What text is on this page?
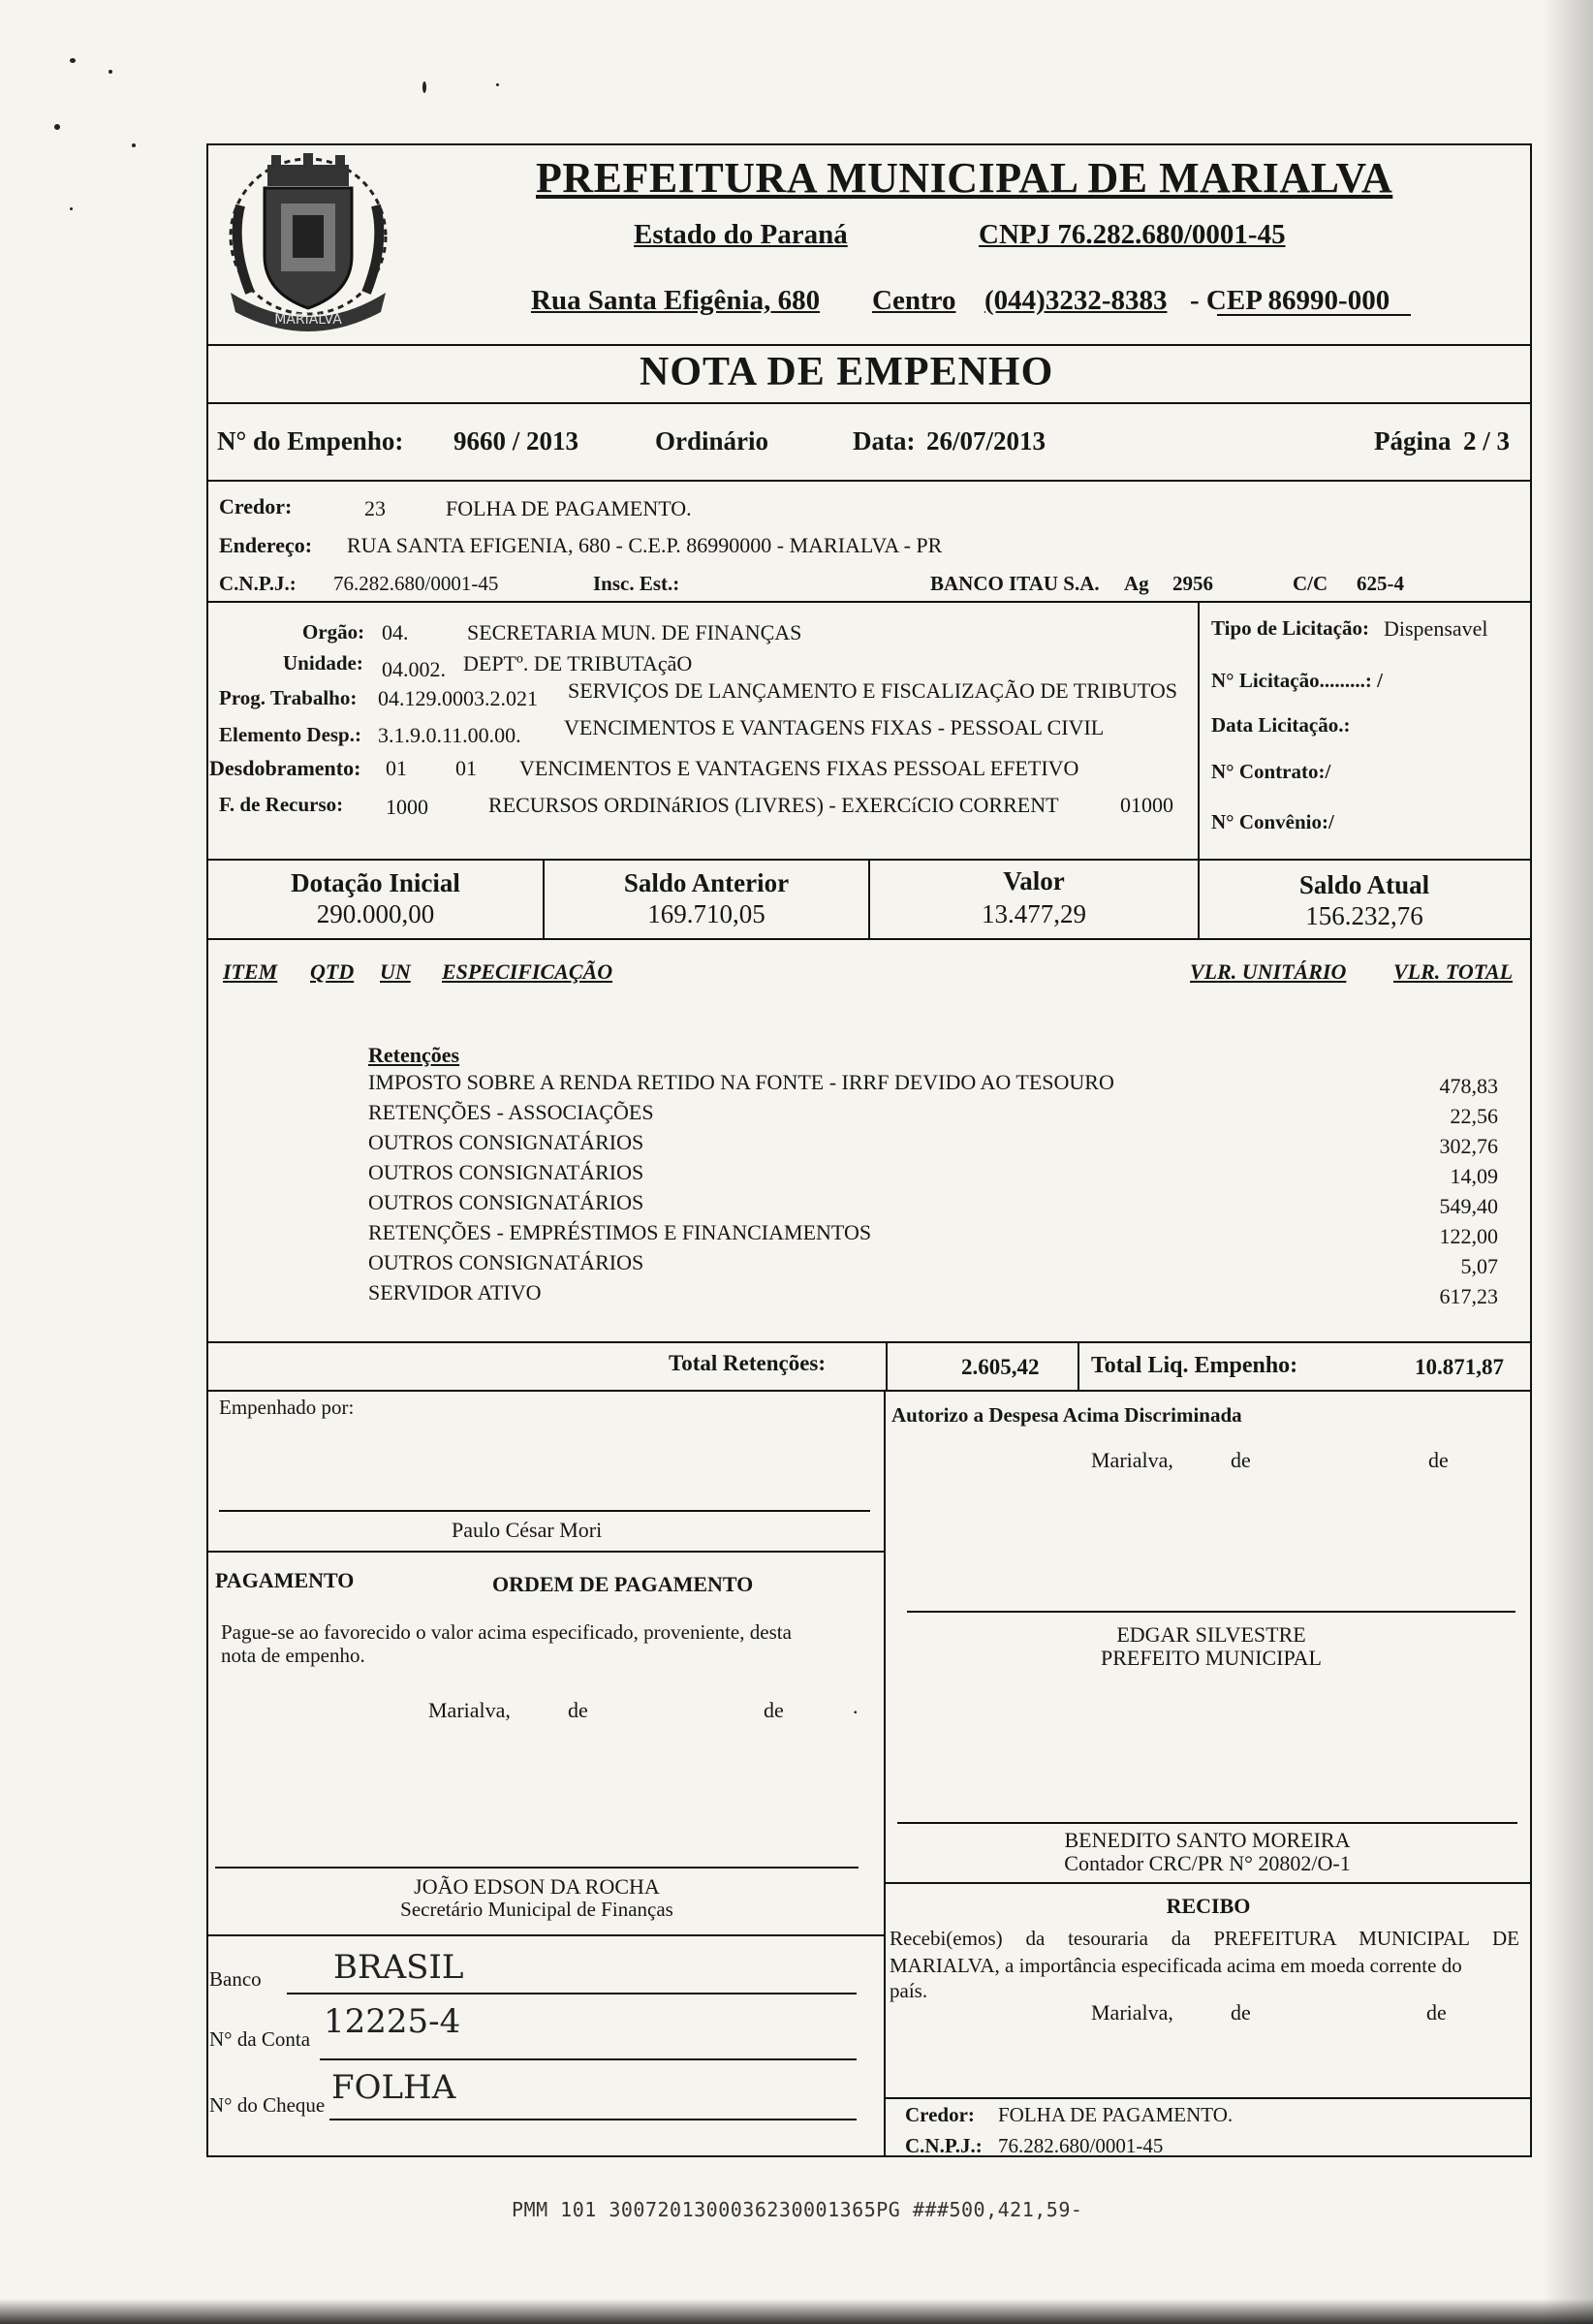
MARIALVA
PREFEITURA MUNICIPAL DE MARIALVA
Estado do Paraná	CNPJ 76.282.680/0001-45
Rua Santa Efigênia, 680 Centro (044)3232-8383 - CEP 86990-000
NOTA DE EMPENHO
N° do Empenho: 9660 / 2013	Ordinário	Data: 26/07/2013	Página 2 / 3
Credor:	23	FOLHA DE PAGAMENTO.
Endereço: RUA SANTA EFIGENIA, 680 - C.E.P. 86990000 - MARIALVA - PR
C.N.P.J.: 76.282.680/0001-45	Insc. Est.:	BANCO ITAU S.A. Ag 2956	C/C 625-4
Orgão: 04.	SECRETARIA MUN. DE FINANÇAS
Unidade: 04.002. DEPTº. DE TRIBUTAçãO
Prog. Trabalho: 04.129.0003.2.021 SERVIÇOS DE LANÇAMENTO E FISCALIZAÇÃO DE TRIBUTOS
Elemento Desp.: 3.1.9.0.11.00.00. VENCIMENTOS E VANTAGENS FIXAS - PESSOAL CIVIL
Desdobramento: 01 01 VENCIMENTOS E VANTAGENS FIXAS PESSOAL EFETIVO
F. de Recurso: 1000	RECURSOS ORDINáRIOS (LIVRES) - EXERCíCIO CORRENT	01000
Tipo de Licitação: Dispensavel
N° Licitação.........: /
Data Licitação.:
N° Contrato:/
N° Convênio:/
Dotação Inicial
290.000,00
Saldo Anterior
169.710,05
Valor
13.477,29
Saldo Atual
156.232,76
ITEM QTD UN ESPECIFICAÇÃO	VLR. UNITÁRIO VLR. TOTAL
Retenções
IMPOSTO SOBRE A RENDA RETIDO NA FONTE - IRRF DEVIDO AO TESOURO	478,83
RETENÇÕES - ASSOCIAÇÕES	22,56
OUTROS CONSIGNATÁRIOS	302,76
OUTROS CONSIGNATÁRIOS	14,09
OUTROS CONSIGNATÁRIOS	549,40
RETENÇÕES - EMPRÉSTIMOS E FINANCIAMENTOS	122,00
OUTROS CONSIGNATÁRIOS	5,07
SERVIDOR ATIVO	617,23
Total Retenções:	2.605,42 Total Liq. Empenho:	10.871,87
Empenhado por:
Paulo César Mori
Autorizo a Despesa Acima Discriminada
Marialva,	de	de
PAGAMENTO	ORDEM DE PAGAMENTO
Pague-se ao favorecido o valor acima especificado, proveniente, desta
nota de empenho.
Marialva,	de	de	.
EDGAR SILVESTRE
PREFEITO MUNICIPAL
BENEDITO SANTO MOREIRA
Contador CRC/PR N° 20802/O-1
JOÃO EDSON DA ROCHA
Secretário Municipal de Finanças	RECIBO
Recebi(emos) da tesouraria da PREFEITURA MUNICIPAL DE
MARIALVA, a importância especificada acima em moeda corrente do
país.
Marialva,	de	de
Credor: FOLHA DE PAGAMENTO.
C.N.P.J.: 76.282.680/0001-45
Banco BRASIL
N° da Conta 12225-4
N° do Cheque FOLHA
PMM 101 3007201300036230001365PG ###500,421,59-
